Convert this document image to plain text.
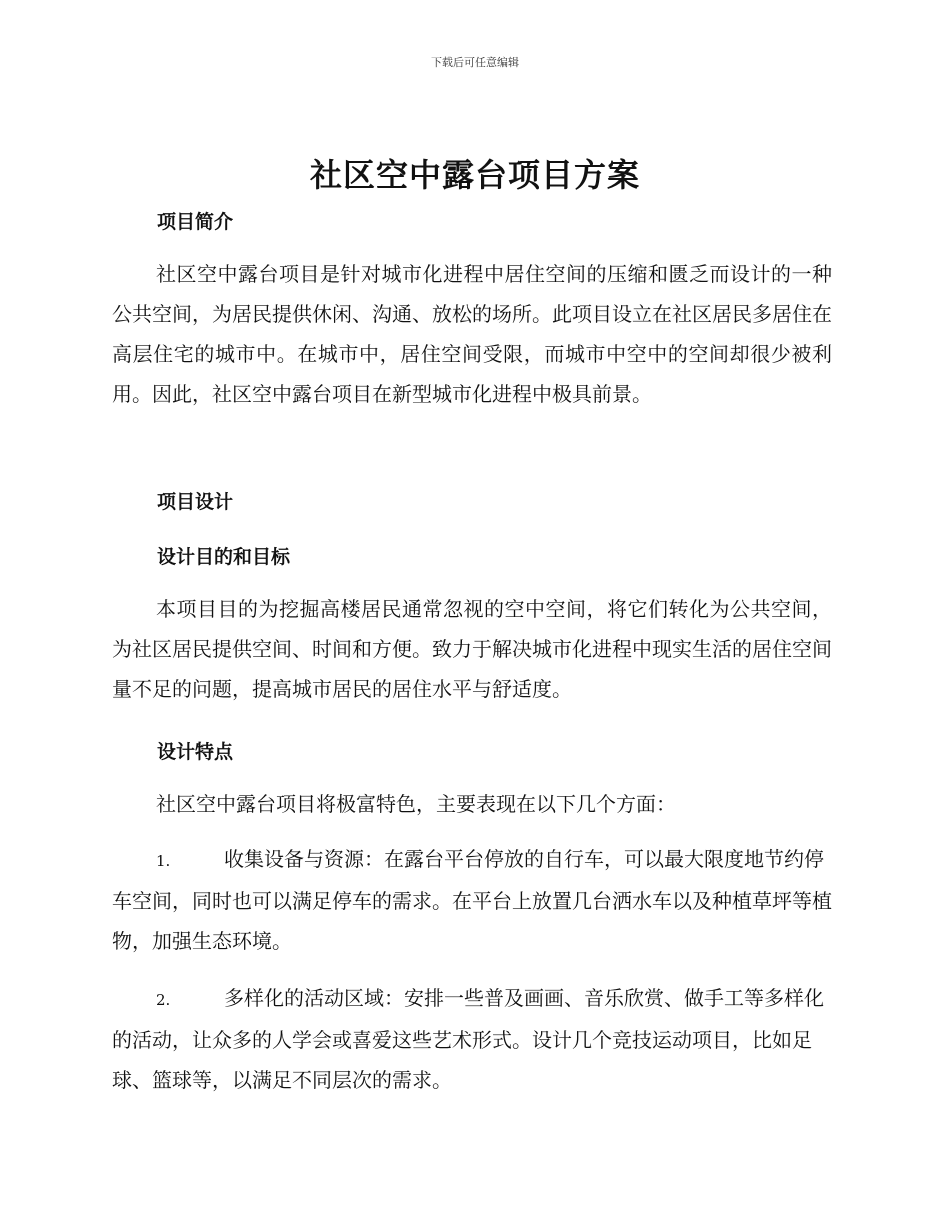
下载后可任意编辑
社区空中露台项目方案
项目简介

社区空中露台项目是针对城市化进程中居住空间的压缩和匮乏而设计的一种公共空间，为居民提供休闲、沟通、放松的场所。此项目设立在社区居民多居住在高层住宅的城市中。在城市中，居住空间受限，而城市中空中的空间却很少被利用。因此，社区空中露台项目在新型城市化进程中极具前景。

项目设计
设计目的和目标

本项目目的为挖掘高楼居民通常忽视的空中空间，将它们转化为公共空间，为社区居民提供空间、时间和方便。致力于解决城市化进程中现实生活的居住空间量不足的问题，提高城市居民的居住水平与舒适度。

设计特点

社区空中露台项目将极富特色，主要表现在以下几个方面：

1.	收集设备与资源：在露台平台停放的自行车，可以最大限度地节约停车空间，同时也可以满足停车的需求。在平台上放置几台洒水车以及种植草坪等植物，加强生态环境。

2.	多样化的活动区域：安排一些普及画画、音乐欣赏、做手工等多样化的活动，让众多的人学会或喜爱这些艺术形式。设计几个竞技运动项目，比如足球、篮球等，以满足不同层次的需求。
